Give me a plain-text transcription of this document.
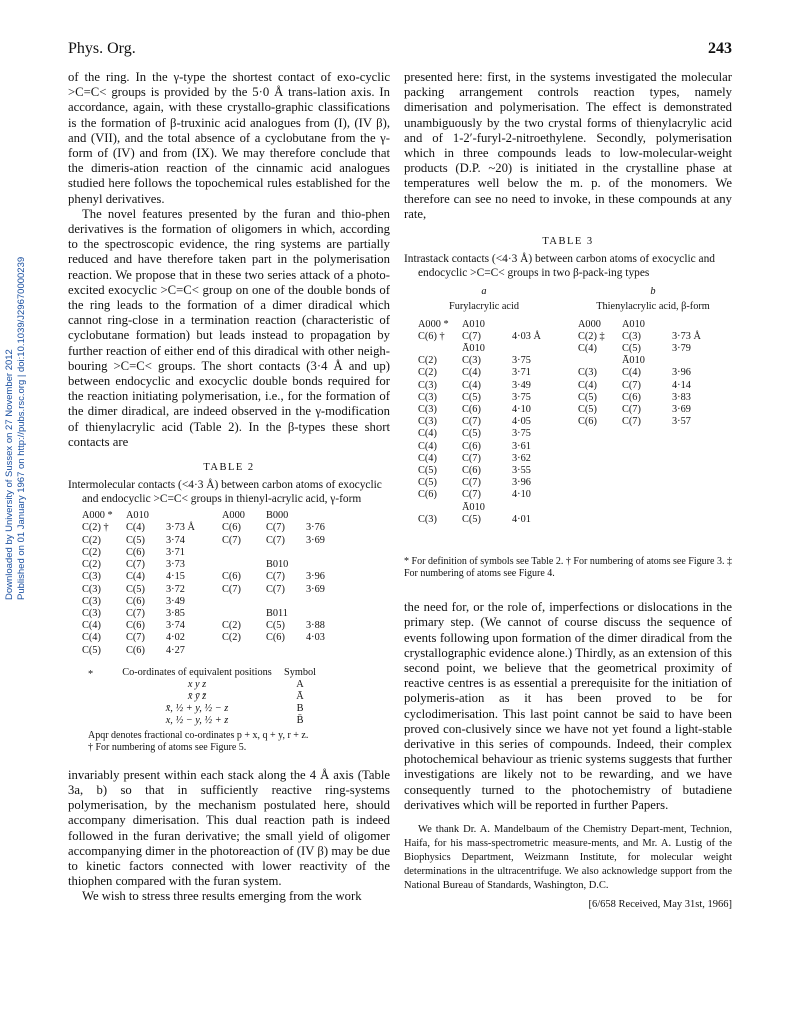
Downloaded by University of Sussex on 27 November 2012 Published on 01 January 1967 on http://pubs.rsc.org | doi:10.1039/J29670000239
Phys. Org.	243

of the ring. In the γ-type the shortest contact of exo-cyclic >C=C< groups is provided by the 5·0 Å trans-lation axis. In accordance, again, with these crystallo-graphic classifications is the formation of β-truxinic acid analogues from (I), (IV β), and (VII), and the total absence of a cyclobutane from the γ-form of (IV) and from (IX). We may therefore conclude that the dimeris-ation reaction of the cinnamic acid analogues studied here follows the topochemical rules established for the phenyl derivatives.

The novel features presented by the furan and thio-phen derivatives is the formation of oligomers in which, according to the spectroscopic evidence, the ring systems are partially reduced and have therefore taken part in the polymerisation reaction. We propose that in these two series attack of a photo-excited exocyclic >C=C< group on one of the double bonds of the ring leads to the formation of a dimer diradical which cannot ring-close in a termination reaction (characteristic of cyclobutane formation) but leads instead to propagation by further reaction of either end of this diradical with other neigh-bouring >C=C< groups. The short contacts (3·4 Å and up) between endocyclic and exocyclic double bonds required for the reaction initiating polymerisation, i.e., for the formation of the dimer diradical, are indeed observed in the γ-modification of thienylacrylic acid (Table 2). In the β-types these short contacts are

TABLE 2

Intermolecular contacts (<4·3 Å) between carbon atoms of exocyclic and endocyclic >C=C< groups in thienyl-acrylic acid, γ-form

A000 *	A010		A000	B000	
C(2) †	C(4)	3·73 Å	C(6)	C(7)	3·76
C(2)	C(5)	3·74	C(7)	C(7)	3·69
C(2)	C(6)	3·71			
C(2)	C(7)	3·73		B010	
C(3)	C(4)	4·15	C(6)	C(7)	3·96
C(3)	C(5)	3·72	C(7)	C(7)	3·69
C(3)	C(6)	3·49			
C(3)	C(7)	3·85		B011	
C(4)	C(6)	3·74	C(2)	C(5)	3·88
C(4)	C(7)	4·02	C(2)	C(6)	4·03
C(5)	C(6)	4·27			
*	Co-ordinates of equivalent positions	Symbol
x y z	A
x̄ ȳ z̄	Ā
x̄, ½ + y, ½ − z	B
x, ½ − y, ½ + z	B̄
Apqr denotes fractional co-ordinates p + x, q + y, r + z.
† For numbering of atoms see Figure 5.

invariably present within each stack along the 4 Å axis (Table 3a, b) so that in sufficiently reactive ring-systems polymerisation, by the mechanism postulated here, should accompany dimerisation. This dual reaction path is indeed followed in the furan derivative; the small yield of oligomer accompanying dimer in the photoreaction of (IV β) may be due to kinetic factors connected with lower reactivity of the thiophen compared with the furan system.

We wish to stress three results emerging from the work

presented here: first, in the systems investigated the molecular packing arrangement controls reaction types, namely dimerisation and polymerisation. The effect is demonstrated unambiguously by the two crystal forms of thienylacrylic acid and of 1-2′-furyl-2-nitroethylene. Secondly, polymerisation which in three compounds leads to low-molecular-weight products (D.P. ~20) is initiated in the crystalline phase at temperatures well below the m. p. of the monomers. We therefore can see no need to invoke, in these compounds at any rate,

TABLE 3

Intrastack contacts (<4·3 Å) between carbon atoms of exocyclic and endocyclic >C=C< groups in two β-pack-ing types

a
Furylacrylic acid
A000 *	A010	
C(6) †	C(7)	4·03 Å

	Ā010	
C(2)	C(3)	3·75
C(2)	C(4)	3·71
C(3)	C(4)	3·49
C(3)	C(5)	3·75
C(3)	C(6)	4·10
C(3)	C(7)	4·05
C(4)	C(5)	3·75
C(4)	C(6)	3·61
C(4)	C(7)	3·62
C(5)	C(6)	3·55
C(5)	C(7)	3·96
C(6)	C(7)	4·10

	Ā010	
C(3)	C(5)	4·01
b
Thienylacrylic acid, β-form
A000	A010	
C(2) ‡	C(3)	3·73 Å
C(4)	C(5)	3·79

	Ā010	
C(3)	C(4)	3·96
C(4)	C(7)	4·14
C(5)	C(6)	3·83
C(5)	C(7)	3·69
C(6)	C(7)	3·57
* For definition of symbols see Table 2. † For numbering of atoms see Figure 3. ‡ For numbering of atoms see Figure 4.

the need for, or the role of, imperfections or dislocations in the primary step. (We cannot of course discuss the sequence of events following upon formation of the dimer diradical from the crystallographic evidence alone.) Thirdly, as an extension of this second point, we believe that the geometrical proximity of reactive centres is as essential a prerequisite for the initiation of polymeris-ation as it has been proved to be for cyclodimerisation. This last point cannot be said to have been proved con-clusively since we have not yet found a light-stable derivative in this series of compounds. Indeed, their complex photochemical behaviour as trienic systems suggests that further investigations are likely not to be rewarding, and we have consequently turned to the photochemistry of butadiene derivatives which will be reported in further Papers.

We thank Dr. A. Mandelbaum of the Chemistry Depart-ment, Technion, Haifa, for his mass-spectrometric measure-ments, and Mr. A. Lustig of the Biophysics Department, Weizmann Institute, for molecular weight determinations in the ultracentrifuge. We also acknowledge support from the National Bureau of Standards, Washington, D.C.

[6/658 Received, May 31st, 1966]
